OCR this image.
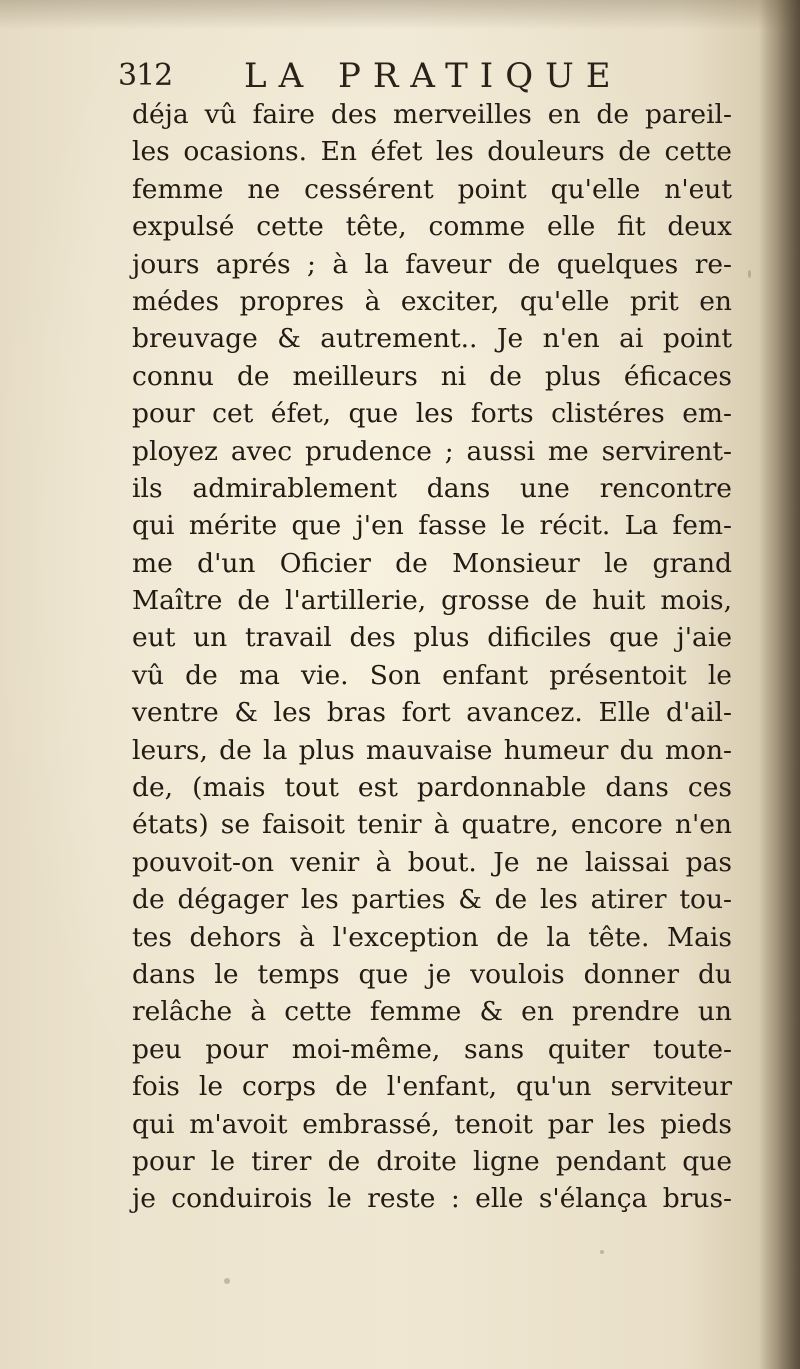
312 LA PRATIQUE
déja vû faire des merveilles en de pareil-
les ocasions. En éfet les douleurs de cette
femme ne cessérent point qu'elle n'eut
expulsé cette tête, comme elle fit deux
jours aprés ; à la faveur de quelques re-
médes propres à exciter, qu'elle prit en
breuvage & autrement.. Je n'en ai point
connu de meilleurs ni de plus éficaces
pour cet éfet, que les forts clistéres em-
ployez avec prudence ; aussi me servirent-
ils admirablement dans une rencontre
qui mérite que j'en fasse le récit. La fem-
me d'un Oficier de Monsieur le grand
Maître de l'artillerie, grosse de huit mois,
eut un travail des plus dificiles que j'aie
vû de ma vie. Son enfant présentoit le
ventre & les bras fort avancez. Elle d'ail-
leurs, de la plus mauvaise humeur du mon-
de, (mais tout est pardonnable dans ces
états) se faisoit tenir à quatre, encore n'en
pouvoit-on venir à bout. Je ne laissai pas
de dégager les parties & de les atirer tou-
tes dehors à l'exception de la tête. Mais
dans le temps que je voulois donner du
relâche à cette femme & en prendre un
peu pour moi-même, sans quiter toute-
fois le corps de l'enfant, qu'un serviteur
qui m'avoit embrassé, tenoit par les pieds
pour le tirer de droite ligne pendant que
je conduirois le reste : elle s'élança brus-
